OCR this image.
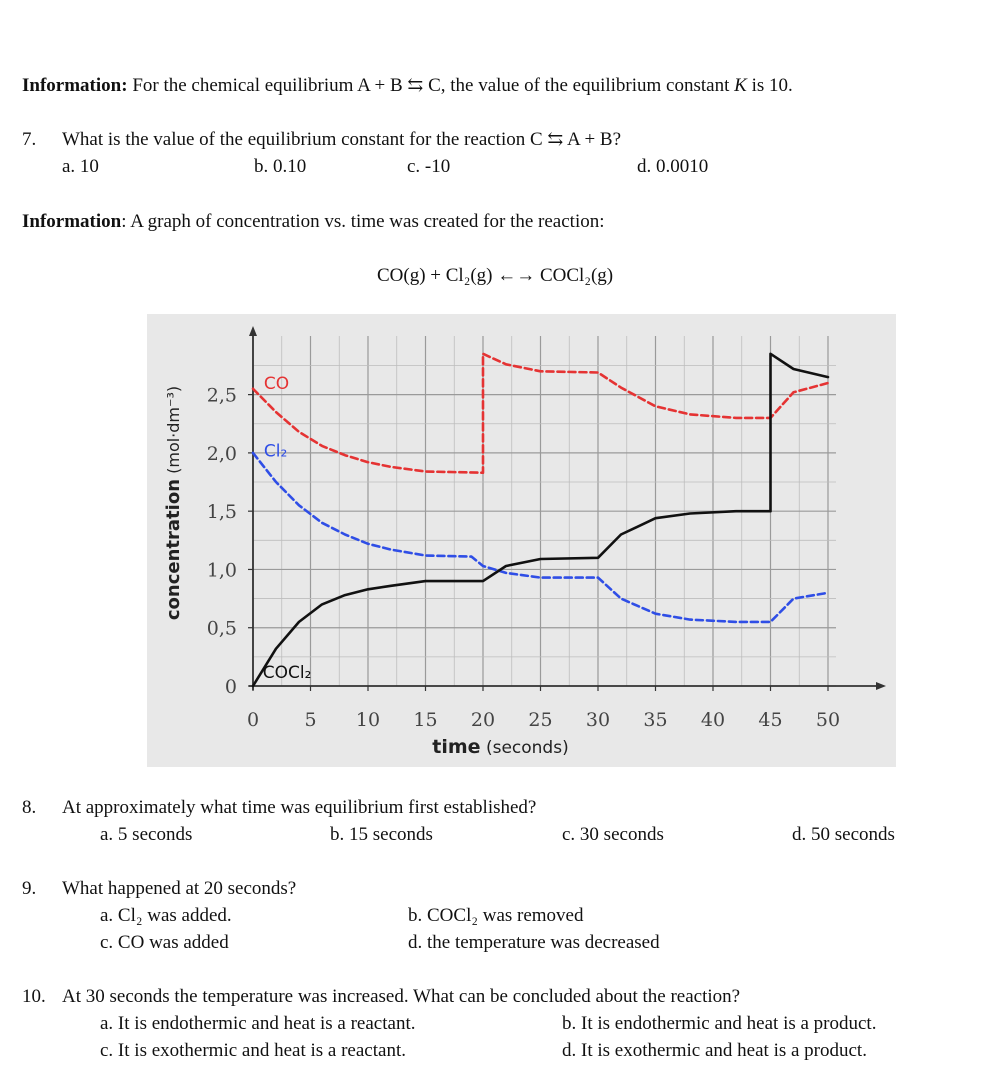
Information: For the chemical equilibrium A + B ⇆ C, the value of the equilibrium constant K is 10.
7. What is the value of the equilibrium constant for the reaction C ⇆ A + B?
a. 10	b. 0.10	c. -10	d. 0.0010
Information: A graph of concentration vs. time was created for the reaction:
CO(g) + Cl₂(g) ←→ COCl₂(g)
0 5 10 15 20 25 30 35 40 45 50
0
0,5
1,0
1,5
2,0
2,5
time (seconds)
concentration (mol·dm⁻³)
CO
Cl₂
COCl₂
8. At approximately what time was equilibrium first established?
a. 5 seconds	b. 15 seconds	c. 30 seconds	d. 50 seconds
9. What happened at 20 seconds?
a. Cl₂ was added.	b. COCl₂ was removed
c. CO was added	d. the temperature was decreased
10. At 30 seconds the temperature was increased. What can be concluded about the reaction?
a. It is endothermic and heat is a reactant.	b. It is endothermic and heat is a product.
c. It is exothermic and heat is a reactant.	d. It is exothermic and heat is a product.
